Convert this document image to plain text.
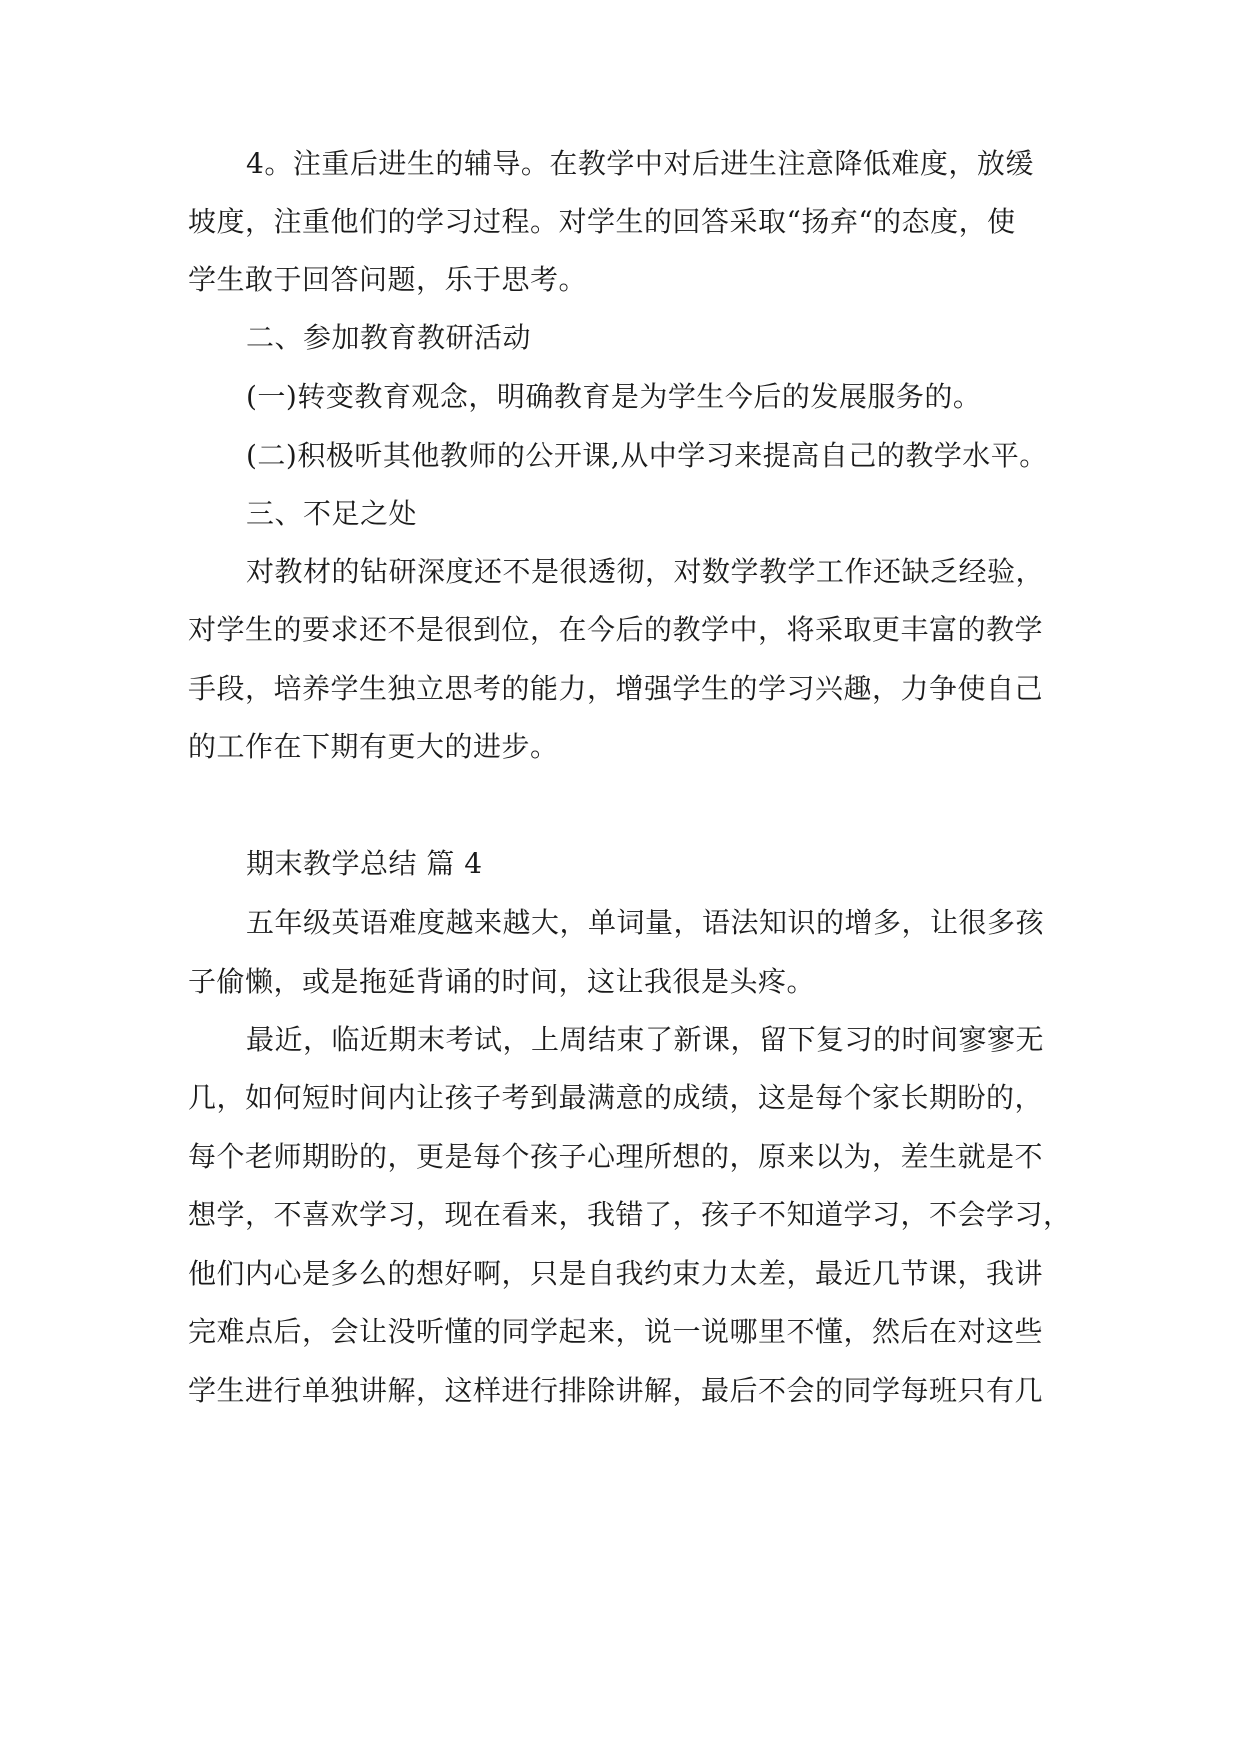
4。注重后进生的辅导。在教学中对后进生注意降低难度，放缓
坡度，注重他们的学习过程。对学生的回答采取“扬弃“的态度，使
学生敢于回答问题，乐于思考。
二、参加教育教研活动
(一)转变教育观念，明确教育是为学生今后的发展服务的。
(二)积极听其他教师的公开课,从中学习来提高自己的教学水平。
三、不足之处
对教材的钻研深度还不是很透彻，对数学教学工作还缺乏经验，
对学生的要求还不是很到位，在今后的教学中，将采取更丰富的教学
手段，培养学生独立思考的能力，增强学生的学习兴趣，力争使自己
的工作在下期有更大的进步。
期末教学总结 篇 4
五年级英语难度越来越大，单词量，语法知识的增多，让很多孩
子偷懒，或是拖延背诵的时间，这让我很是头疼。
最近，临近期末考试，上周结束了新课，留下复习的时间寥寥无
几，如何短时间内让孩子考到最满意的成绩，这是每个家长期盼的，
每个老师期盼的，更是每个孩子心理所想的，原来以为，差生就是不
想学，不喜欢学习，现在看来，我错了，孩子不知道学习，不会学习，
他们内心是多么的想好啊，只是自我约束力太差，最近几节课，我讲
完难点后，会让没听懂的同学起来，说一说哪里不懂，然后在对这些
学生进行单独讲解，这样进行排除讲解，最后不会的同学每班只有几
